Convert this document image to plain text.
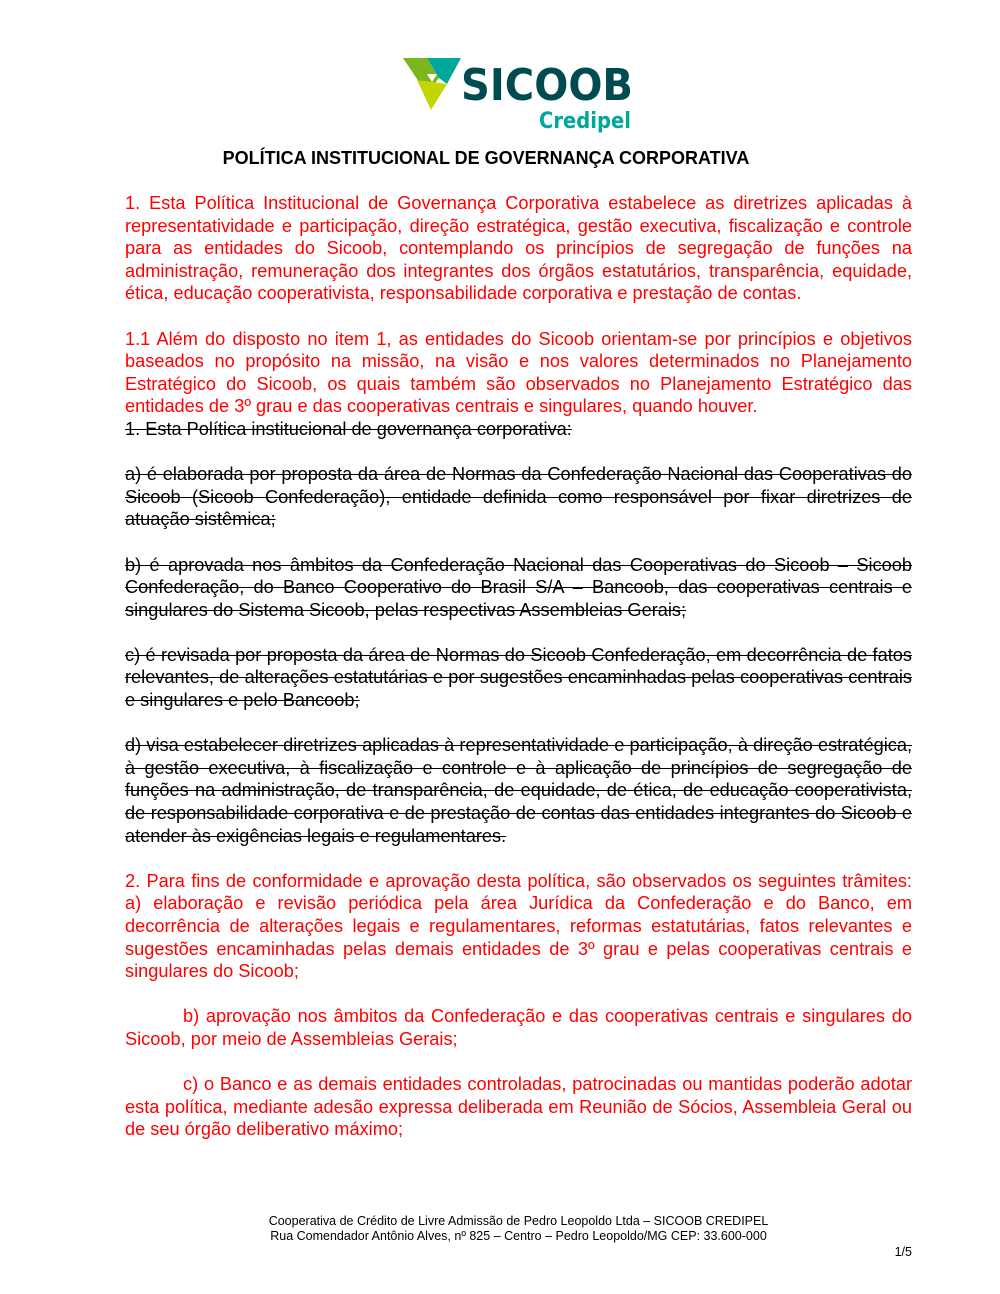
SICOOB
Credipel
POLÍTICA INSTITUCIONAL DE GOVERNANÇA CORPORATIVA

1. Esta Política Institucional de Governança Corporativa estabelece as diretrizes aplicadas à representatividade e participação, direção estratégica, gestão executiva, fiscalização e controle para as entidades do Sicoob, contemplando os princípios de segregação de funções na administração, remuneração dos integrantes dos órgãos estatutários, transparência, equidade, ética, educação cooperativista, responsabilidade corporativa e prestação de contas.

1.1 Além do disposto no item 1, as entidades do Sicoob orientam-se por princípios e objetivos baseados no propósito na missão, na visão e nos valores determinados no Planejamento Estratégico do Sicoob, os quais também são observados no Planejamento Estratégico das entidades de 3º grau e das cooperativas centrais e singulares, quando houver.

1. Esta Política institucional de governança corporativa:

a) é elaborada por proposta da área de Normas da Confederação Nacional das Cooperativas do Sicoob (Sicoob Confederação), entidade definida como responsável por fixar diretrizes de atuação sistêmica;

b) é aprovada nos âmbitos da Confederação Nacional das Cooperativas do Sicoob – Sicoob Confederação, do Banco Cooperativo do Brasil S/A – Bancoob, das cooperativas centrais e singulares do Sistema Sicoob, pelas respectivas Assembleias Gerais;

c) é revisada por proposta da área de Normas do Sicoob Confederação, em decorrência de fatos relevantes, de alterações estatutárias e por sugestões encaminhadas pelas cooperativas centrais e singulares e pelo Bancoob;

d) visa estabelecer diretrizes aplicadas à representatividade e participação, à direção estratégica, à gestão executiva, à fiscalização e controle e à aplicação de princípios de segregação de funções na administração, de transparência, de equidade, de ética, de educação cooperativista, de responsabilidade corporativa e de prestação de contas das entidades integrantes do Sicoob e atender às exigências legais e regulamentares.

2. Para fins de conformidade e aprovação desta política, são observados os seguintes trâmites: a) elaboração e revisão periódica pela área Jurídica da Confederação e do Banco, em decorrência de alterações legais e regulamentares, reformas estatutárias, fatos relevantes e sugestões encaminhadas pelas demais entidades de 3º grau e pelas cooperativas centrais e singulares do Sicoob;

b) aprovação nos âmbitos da Confederação e das cooperativas centrais e singulares do Sicoob, por meio de Assembleias Gerais;

c) o Banco e as demais entidades controladas, patrocinadas ou mantidas poderão adotar esta política, mediante adesão expressa deliberada em Reunião de Sócios, Assembleia Geral ou de seu órgão deliberativo máximo;

Cooperativa de Crédito de Livre Admissão de Pedro Leopoldo Ltda – SICOOB CREDIPEL
Rua Comendador Antônio Alves, nº 825 – Centro – Pedro Leopoldo/MG CEP: 33.600-000
1/5
